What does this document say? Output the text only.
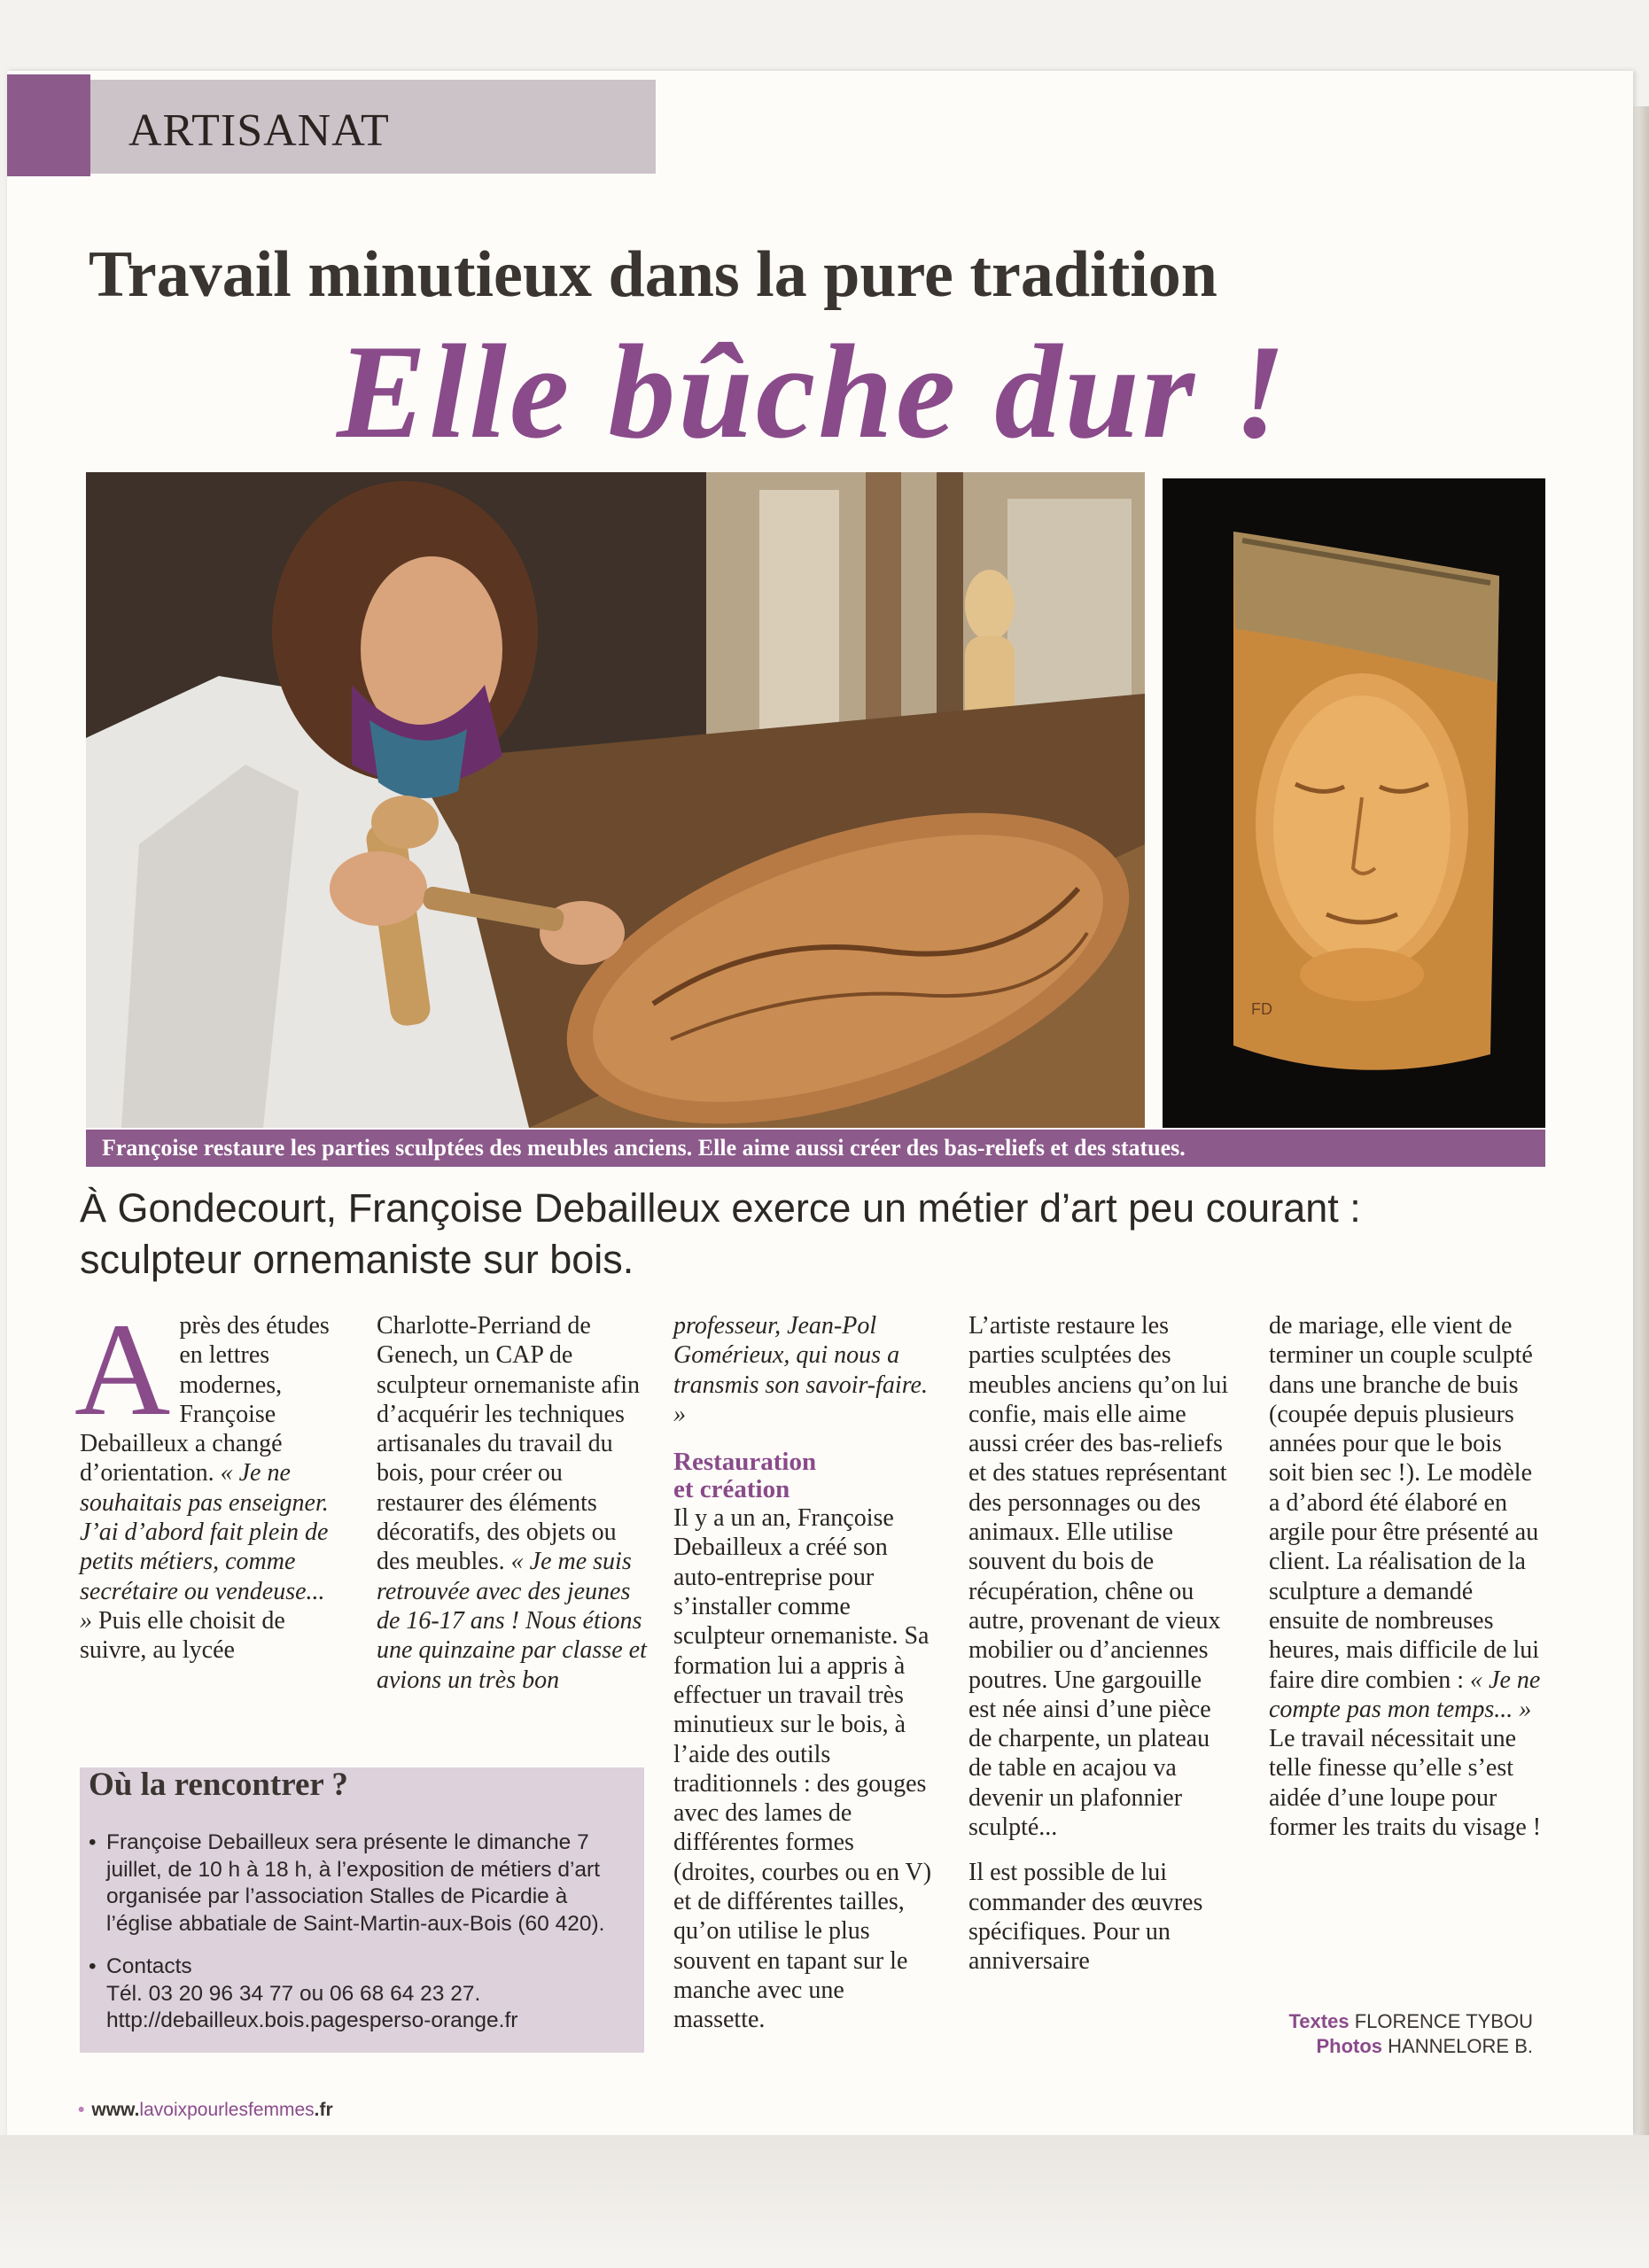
ARTISANAT
Travail minutieux dans la pure tradition
Elle bûche dur !
FD
Françoise restaure les parties sculptées des meubles anciens. Elle aime aussi créer des bas-reliefs et des statues.
À Gondecourt, Françoise Debailleux exerce un métier d’art peu courant : sculpteur ornemaniste sur bois.

Après des études en lettres modernes, Françoise Debailleux a changé d’orientation. « Je ne souhaitais pas enseigner. J’ai d’abord fait plein de petits métiers, comme secrétaire ou vendeuse... » Puis elle choisit de suivre, au lycée

Charlotte-Perriand de Genech, un CAP de sculpteur ornemaniste afin d’acquérir les techniques artisanales du travail du bois, pour créer ou restaurer des éléments décoratifs, des objets ou des meubles. « Je me suis retrouvée avec des jeunes de 16-17 ans ! Nous étions une quinzaine par classe et avions un très bon

professeur, Jean-Pol Gomérieux, qui nous a transmis son savoir-faire. »

Restauration

et création

Il y a un an, Françoise Debailleux a créé son auto-entreprise pour s’installer comme sculpteur ornemaniste. Sa formation lui a appris à effectuer un travail très minutieux sur le bois, à l’aide des outils traditionnels : des gouges avec des lames de différentes formes (droites, courbes ou en V) et de différentes tailles, qu’on utilise le plus souvent en tapant sur le manche avec une massette.

L’artiste restaure les parties sculptées des meubles anciens qu’on lui confie, mais elle aime aussi créer des bas-reliefs et des statues représentant des personnages ou des animaux. Elle utilise souvent du bois de récupération, chêne ou autre, provenant de vieux mobilier ou d’anciennes poutres. Une gargouille est née ainsi d’une pièce de charpente, un plateau de table en acajou va devenir un plafonnier sculpté...

Il est possible de lui commander des œuvres spécifiques. Pour un anniversaire

de mariage, elle vient de terminer un couple sculpté dans une branche de buis (coupée depuis plusieurs années pour que le bois soit bien sec !). Le modèle a d’abord été élaboré en argile pour être présenté au client. La réalisation de la sculpture a demandé ensuite de nombreuses heures, mais difficile de lui faire dire combien : « Je ne compte pas mon temps... » Le travail nécessitait une telle finesse qu’elle s’est aidée d’une loupe pour former les traits du visage !

Où la rencontrer ?
• Françoise Debailleux sera présente le dimanche 7 juillet, de 10 h à 18 h, à l’exposition de métiers d’art organisée par l’association Stalles de Picardie à l’église abbatiale de Saint-Martin-aux-Bois (60 420).
• Contacts
Tél. 03 20 96 34 77 ou 06 68 64 23 27.
http://debailleux.bois.pagesperso-orange.fr	Textes FLORENCE TYBOU
Photos HANNELORE B.
• www.lavoixpourlesfemmes.fr
